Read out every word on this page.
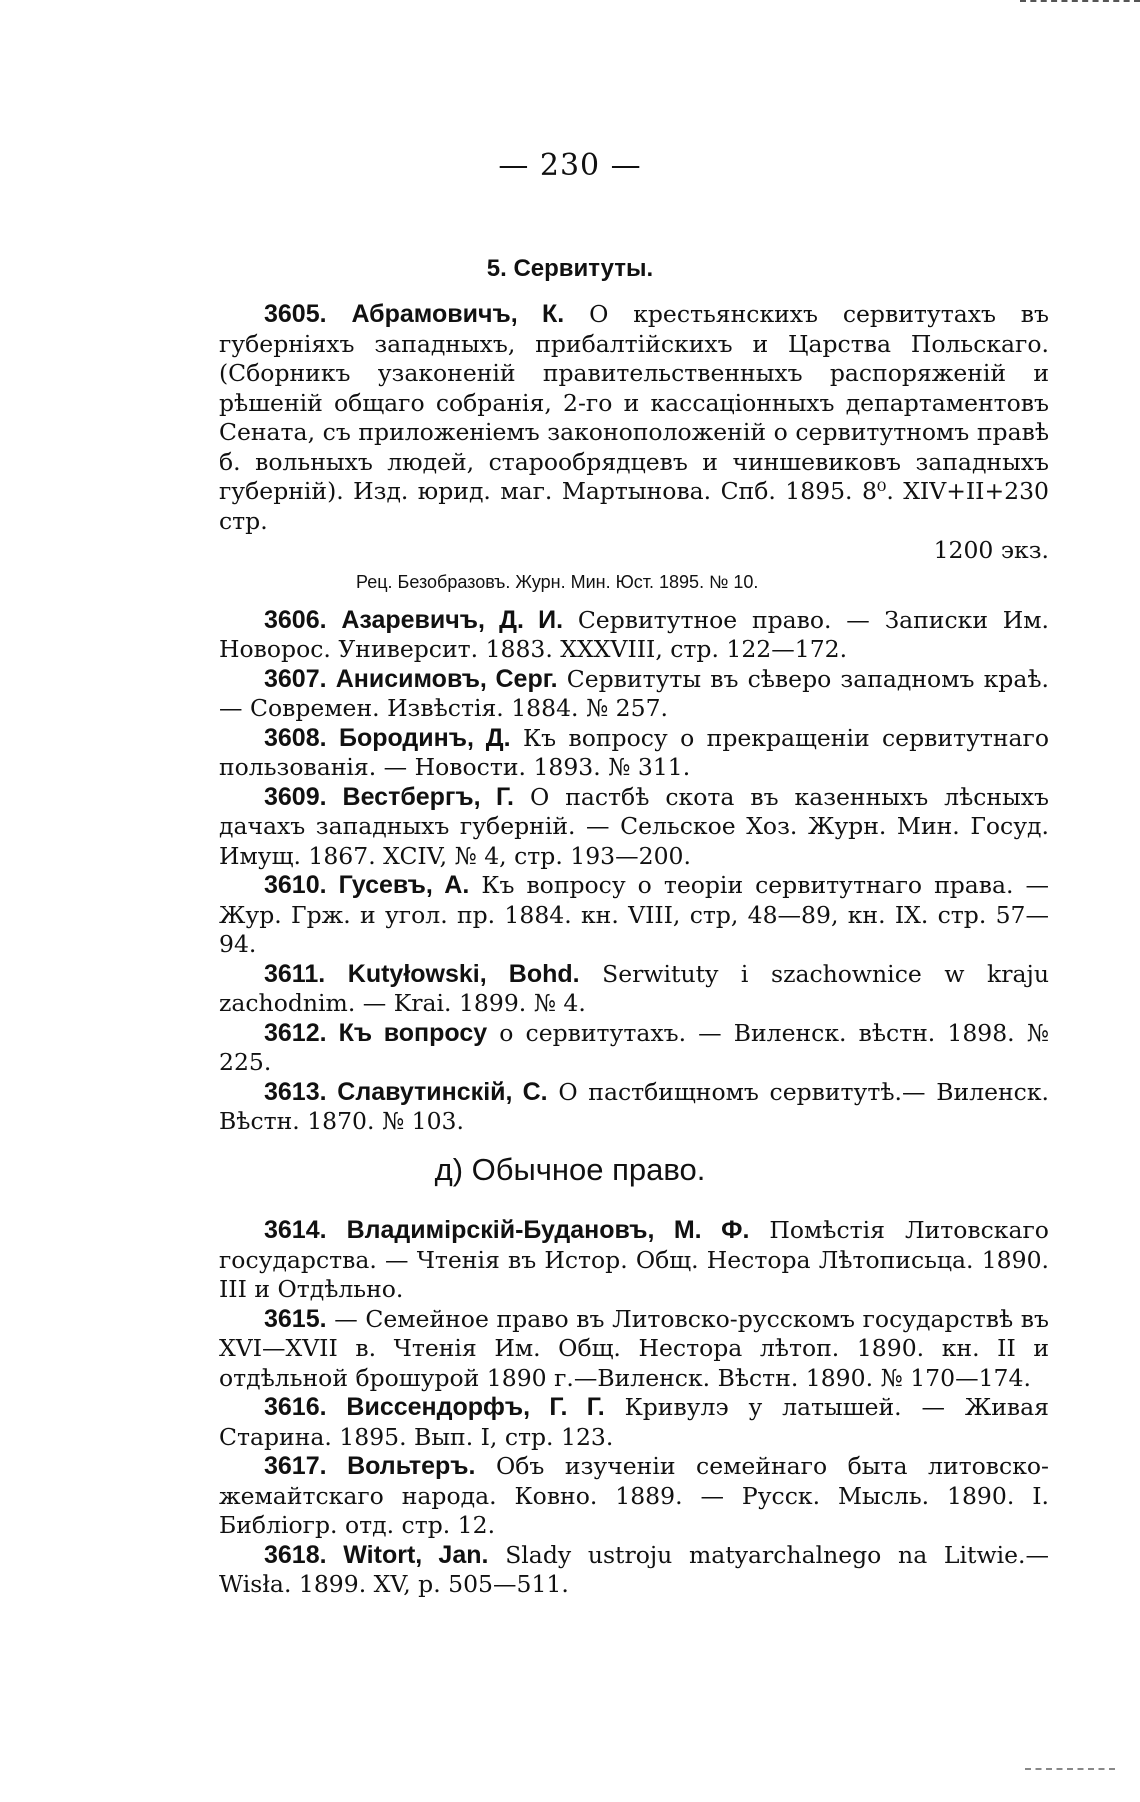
— 230 —
5. Сервитуты.

3605. Абрамовичъ, К. О крестьянскихъ сервитутахъ въ губерніяхъ западныхъ, прибалтійскихъ и Царства Польскаго. (Сборникъ узаконеній правительственныхъ распоряженій и рѣшеній общаго собранія, 2-го и кассаціонныхъ департаментовъ Сената, съ приложеніемъ законоположеній о сервитутномъ правѣ б. вольныхъ людей, старообрядцевъ и чиншевиковъ западныхъ губерній). Изд. юрид. маг. Мартынова. Спб. 1895. 8⁰. XIV+II+230 стр.
1200 экз.

Рец. Безобразовъ. Журн. Мин. Юст. 1895. № 10.

3606. Азаревичъ, Д. И. Сервитутное право. — Записки Им. Новорос. Университ. 1883. XXXVIII, стр. 122—172.

3607. Анисимовъ, Серг. Сервитуты въ сѣверо западномъ краѣ. — Современ. Извѣстія. 1884. № 257.

3608. Бородинъ, Д. Къ вопросу о прекращеніи сервитутнаго пользованія. — Новости. 1893. № 311.

3609. Вестбергъ, Г. О пастбѣ скота въ казенныхъ лѣсныхъ дачахъ западныхъ губерній. — Сельское Хоз. Журн. Мин. Госуд. Имущ. 1867. XCIV, № 4, стр. 193—200.

3610. Гусевъ, А. Къ вопросу о теоріи сервитутнаго права. — Жур. Грж. и угол. пр. 1884. кн. VIII, стр, 48—89, кн. IX. стр. 57—94.

3611. Kutyłowski, Bohd. Serwituty i szachownice w kraju zachodnim. — Krai. 1899. № 4.

3612. Къ вопросу о сервитутахъ. — Виленск. вѣстн. 1898. № 225.

3613. Славутинскій, С. О пастбищномъ сервитутѣ.— Виленск. Вѣстн. 1870. № 103.

д) Обычное право.

3614. Владимірскій-Будановъ, М. Ф. Помѣстія Литовскаго государства. — Чтенія въ Истор. Общ. Нестора Лѣтописьца. 1890. III и Отдѣльно.

3615. — Семейное право въ Литовско-русскомъ государствѣ въ XVI—XVII в. Чтенія Им. Общ. Нестора лѣтоп. 1890. кн. II и отдѣльной брошурой 1890 г.—Виленск. Вѣстн. 1890. № 170—174.

3616. Виссендорфъ, Г. Г. Кривулэ у латышей. — Живая Старина. 1895. Вып. I, стр. 123.

3617. Вольтеръ. Объ изученіи семейнаго быта литовско-жемайтскаго народа. Ковно. 1889. — Русск. Мысль. 1890. I. Библіогр. отд. стр. 12.

3618. Witort, Jan. Slady ustroju matyarchalnego na Litwie.— Wisła. 1899. XV, p. 505—511.
